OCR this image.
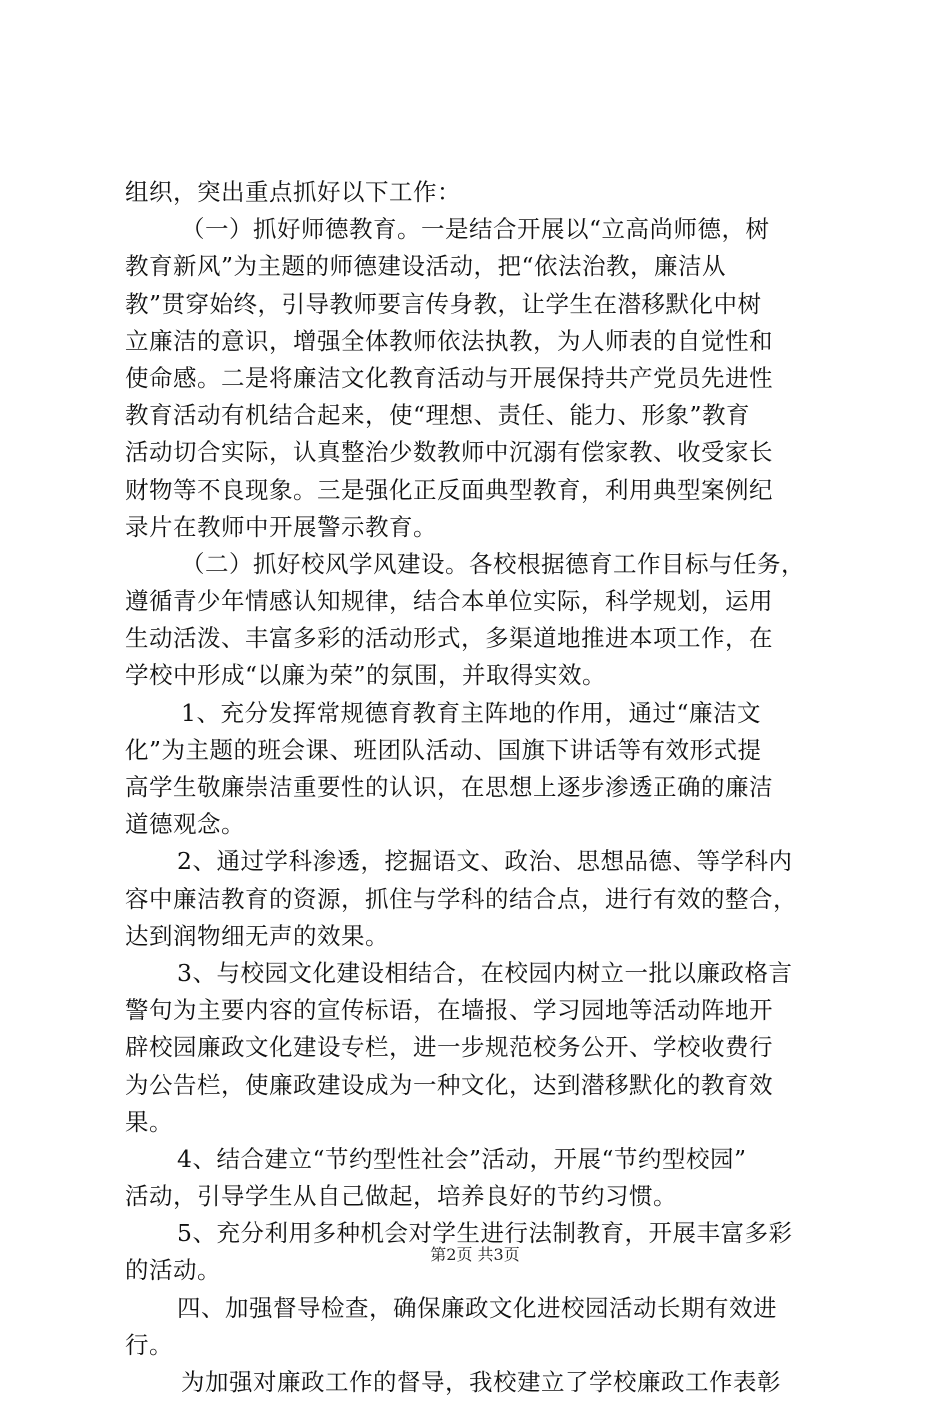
组织，突出重点抓好以下工作：
（一）抓好师德教育。一是结合开展以“立高尚师德，树
教育新风”为主题的师德建设活动，把“依法治教，廉洁从
教”贯穿始终，引导教师要言传身教，让学生在潜移默化中树
立廉洁的意识，增强全体教师依法执教，为人师表的自觉性和
使命感。二是将廉洁文化教育活动与开展保持共产党员先进性
教育活动有机结合起来，使“理想、责任、能力、形象”教育
活动切合实际，认真整治少数教师中沉溺有偿家教、收受家长
财物等不良现象。三是强化正反面典型教育，利用典型案例纪
录片在教师中开展警示教育。
（二）抓好校风学风建设。各校根据德育工作目标与任务，
遵循青少年情感认知规律，结合本单位实际，科学规划，运用
生动活泼、丰富多彩的活动形式，多渠道地推进本项工作，在
学校中形成“以廉为荣”的氛围，并取得实效。
1、充分发挥常规德育教育主阵地的作用，通过“廉洁文
化”为主题的班会课、班团队活动、国旗下讲话等有效形式提
高学生敬廉崇洁重要性的认识，在思想上逐步渗透正确的廉洁
道德观念。
2、通过学科渗透，挖掘语文、政治、思想品德、等学科内
容中廉洁教育的资源，抓住与学科的结合点，进行有效的整合，
达到润物细无声的效果。
3、与校园文化建设相结合，在校园内树立一批以廉政格言
警句为主要内容的宣传标语，在墙报、学习园地等活动阵地开
辟校园廉政文化建设专栏，进一步规范校务公开、学校收费行
为公告栏，使廉政建设成为一种文化，达到潜移默化的教育效
果。
4、结合建立“节约型性社会”活动，开展“节约型校园”
活动，引导学生从自己做起，培养良好的节约习惯。
5、充分利用多种机会对学生进行法制教育，开展丰富多彩
的活动。
四、加强督导检查，确保廉政文化进校园活动长期有效进
行。
为加强对廉政工作的督导，我校建立了学校廉政工作表彰
第2页 共3页
